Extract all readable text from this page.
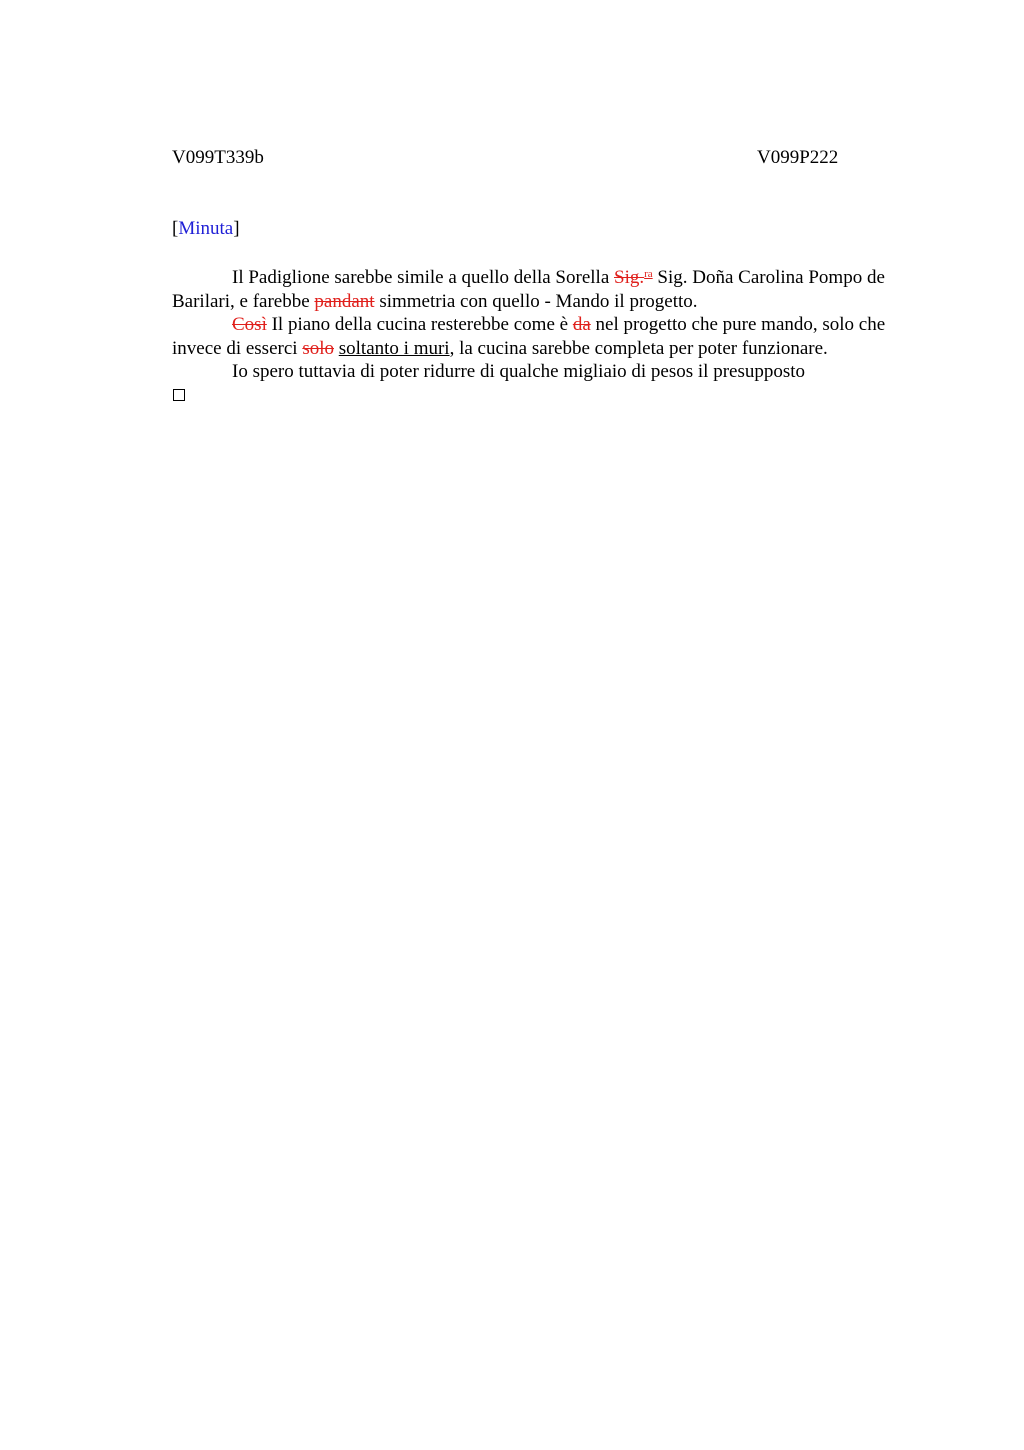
V099T339b	V099P222
[Minuta]

Il Padiglione sarebbe simile a quello della Sorella Sig.$^{ra}$ Sig. Doña Carolina Pompo de Barilari, e farebbe pandant simmetria con quello - Mando il progetto.

Così Il piano della cucina resterebbe come è da nel progetto che pure mando, solo che invece di esserci solo soltanto i muri, la cucina sarebbe completa per poter funzionare.

Io spero tuttavia di poter ridurre di qualche migliaio di pesos il presupposto
